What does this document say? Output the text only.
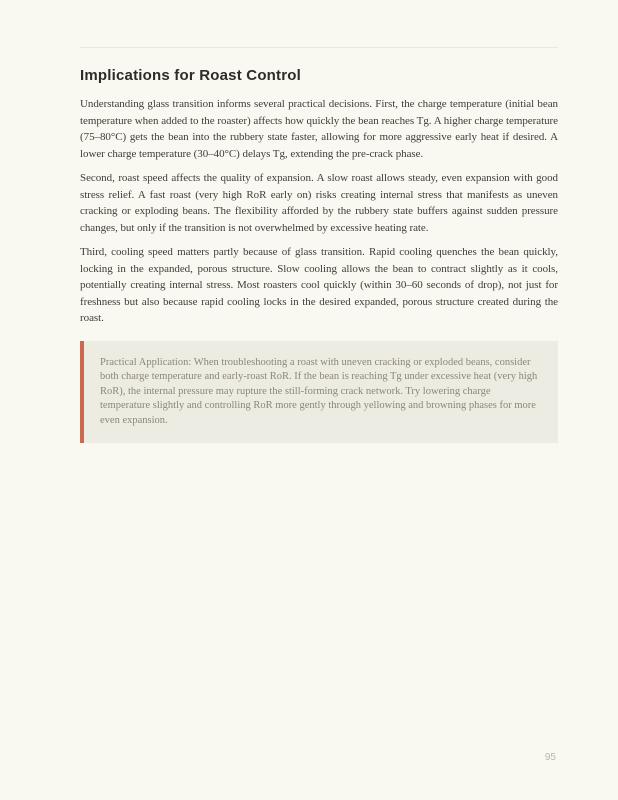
Implications for Roast Control

Understanding glass transition informs several practical decisions. First, the charge temperature (initial bean temperature when added to the roaster) affects how quickly the bean reaches Tg. A higher charge temperature (75–80°C) gets the bean into the rubbery state faster, allowing for more aggressive early heat if desired. A lower charge temperature (30–40°C) delays Tg, extending the pre-crack phase.

Second, roast speed affects the quality of expansion. A slow roast allows steady, even expansion with good stress relief. A fast roast (very high RoR early on) risks creating internal stress that manifests as uneven cracking or exploding beans. The flexibility afforded by the rubbery state buffers against sudden pressure changes, but only if the transition is not overwhelmed by excessive heating rate.

Third, cooling speed matters partly because of glass transition. Rapid cooling quenches the bean quickly, locking in the expanded, porous structure. Slow cooling allows the bean to contract slightly as it cools, potentially creating internal stress. Most roasters cool quickly (within 30–60 seconds of drop), not just for freshness but also because rapid cooling locks in the desired expanded, porous structure created during the roast.

Practical Application: When troubleshooting a roast with uneven cracking or exploded beans, consider both charge temperature and early-roast RoR. If the bean is reaching Tg under excessive heat (very high RoR), the internal pressure may rupture the still-forming crack network. Try lowering charge temperature slightly and controlling RoR more gently through yellowing and browning phases for more even expansion.

95
